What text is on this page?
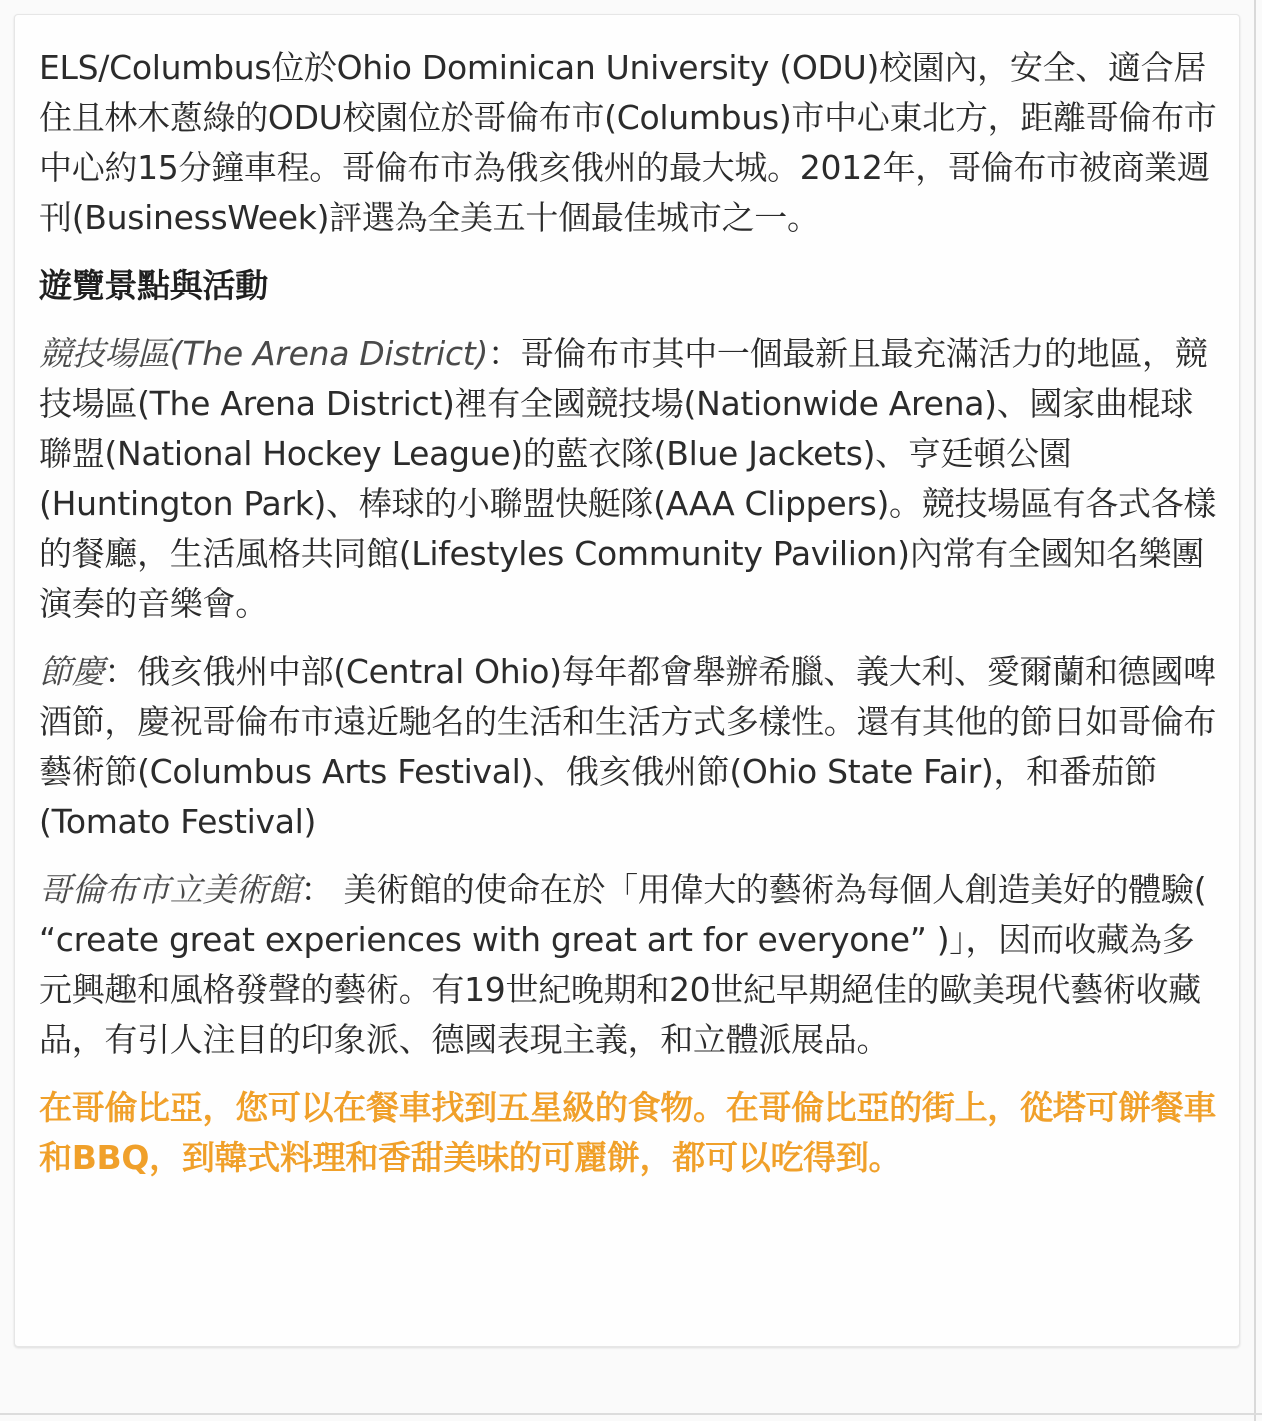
ELS/Columbus位於Ohio Dominican University (ODU)校園內，安全、適合居住且林木蔥綠的ODU校園位於哥倫布市(Columbus)市中心東北方，距離哥倫布市中心約15分鐘車程。哥倫布市為俄亥俄州的最大城。2012年，哥倫布市被商業週刊(BusinessWeek)評選為全美五十個最佳城市之一。

遊覽景點與活動

競技場區(The Arena District)：哥倫布市其中一個最新且最充滿活力的地區，競技場區(The Arena District)裡有全國競技場(Nationwide Arena)、國家曲棍球聯盟(National Hockey League)的藍衣隊(Blue Jackets)、亨廷頓公園(Huntington Park)、棒球的小聯盟快艇隊(AAA Clippers)。競技場區有各式各樣的餐廳，生活風格共同館(Lifestyles Community Pavilion)內常有全國知名樂團演奏的音樂會。

節慶：俄亥俄州中部(Central Ohio)每年都會舉辦希臘、義大利、愛爾蘭和德國啤酒節，慶祝哥倫布市遠近馳名的生活和生活方式多樣性。還有其他的節日如哥倫布藝術節(Columbus Arts Festival)、俄亥俄州節(Ohio State Fair)，和番茄節(Tomato Festival)

哥倫布市立美術館： 美術館的使命在於「用偉大的藝術為每個人創造美好的體驗( “create great experiences with great art for everyone” )」，因而收藏為多元興趣和風格發聲的藝術。有19世紀晚期和20世紀早期絕佳的歐美現代藝術收藏品，有引人注目的印象派、德國表現主義，和立體派展品。

在哥倫比亞，您可以在餐車找到五星級的食物。在哥倫比亞的街上，從塔可餅餐車和BBQ，到韓式料理和香甜美味的可麗餅，都可以吃得到。
